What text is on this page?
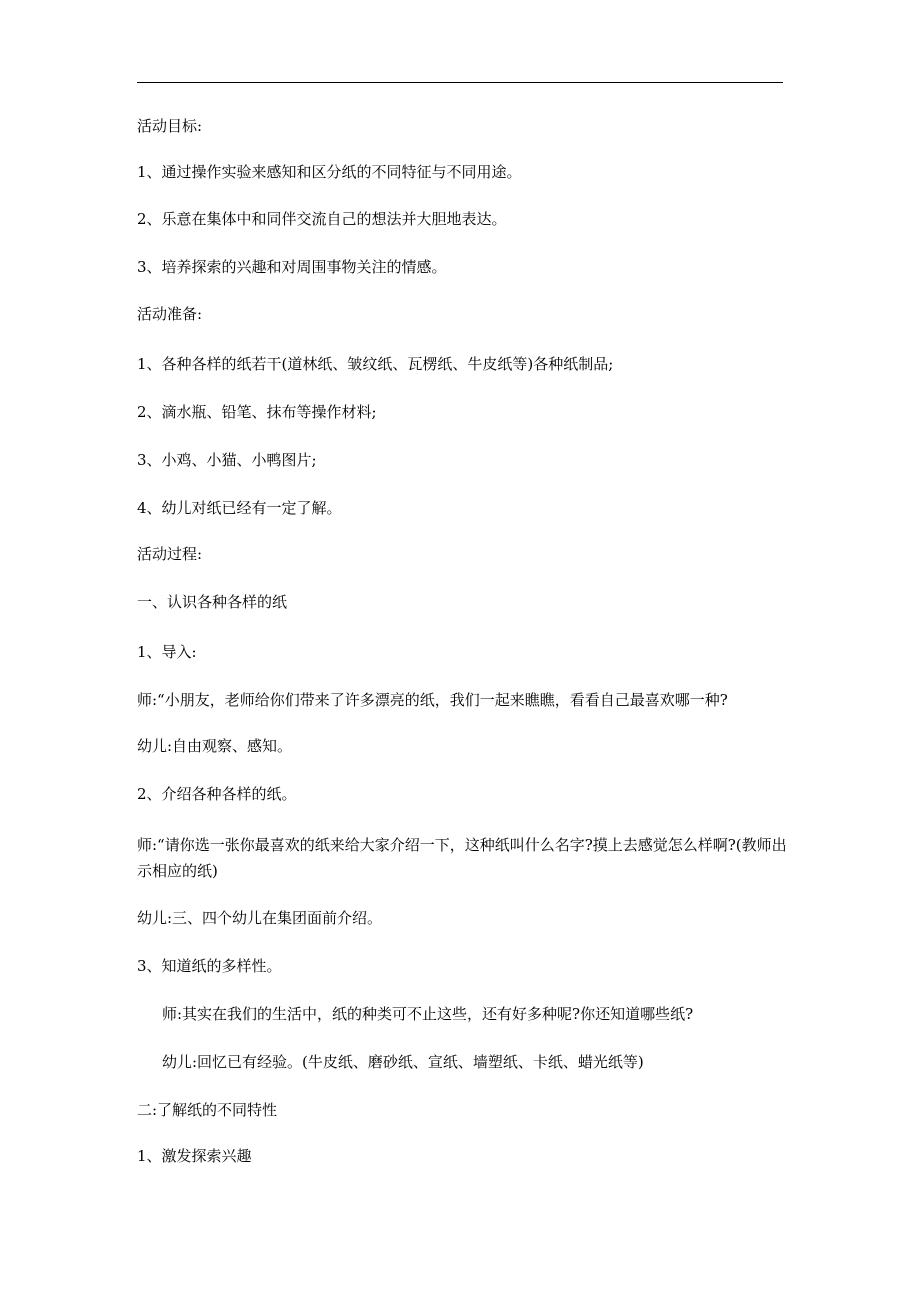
活动目标:
1、通过操作实验来感知和区分纸的不同特征与不同用途。
2、乐意在集体中和同伴交流自己的想法并大胆地表达。
3、培养探索的兴趣和对周围事物关注的情感。
活动准备:
1、各种各样的纸若干(道林纸、皱纹纸、瓦楞纸、牛皮纸等)各种纸制品;
2、滴水瓶、铅笔、抹布等操作材料;
3、小鸡、小猫、小鸭图片;
4、幼儿对纸已经有一定了解。
活动过程:
一、认识各种各样的纸
1、导入:
师:“小朋友，老师给你们带来了许多漂亮的纸，我们一起来瞧瞧，看看自己最喜欢哪一种?
幼儿:自由观察、感知。
2、介绍各种各样的纸。
师:“请你选一张你最喜欢的纸来给大家介绍一下，这种纸叫什么名字?摸上去感觉怎么样啊?(教师出示相应的纸)
幼儿:三、四个幼儿在集团面前介绍。
3、知道纸的多样性。
师:其实在我们的生活中，纸的种类可不止这些，还有好多种呢?你还知道哪些纸?
幼儿:回忆已有经验。(牛皮纸、磨砂纸、宣纸、墙塑纸、卡纸、蜡光纸等)
二:了解纸的不同特性
1、激发探索兴趣
